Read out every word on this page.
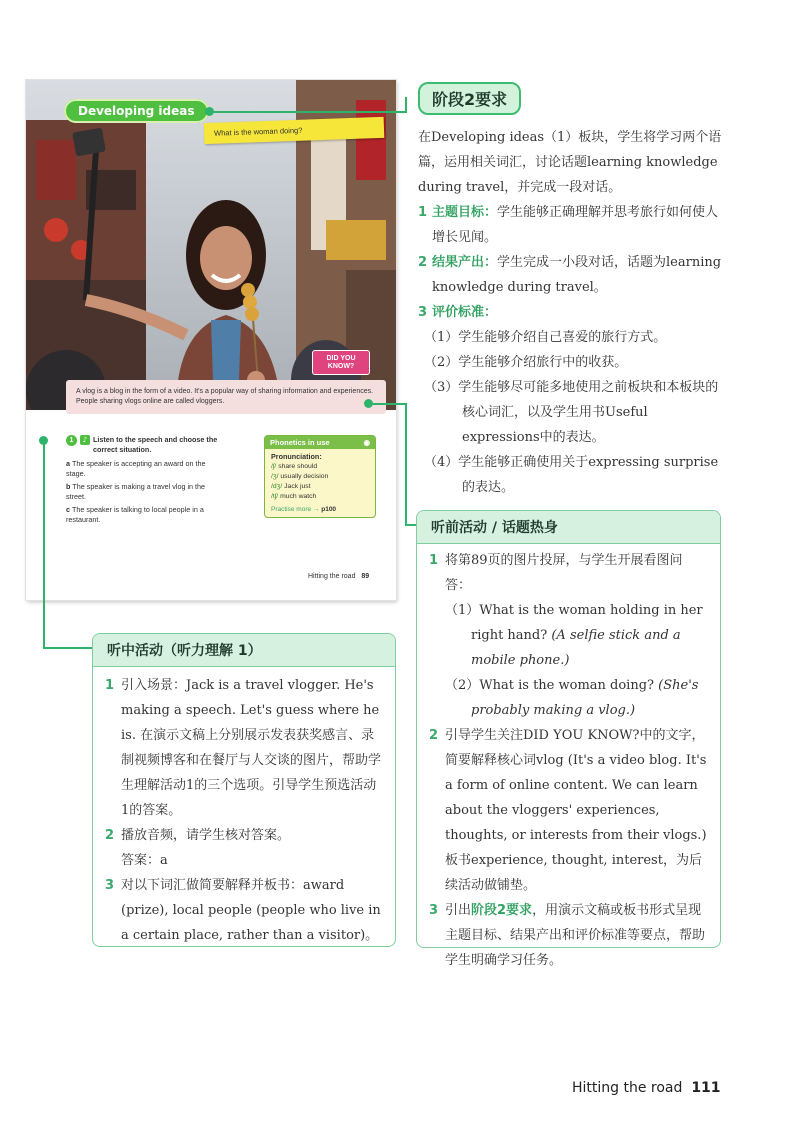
Developing ideas
What is the woman doing?
DID YOU KNOW?
A vlog is a blog in the form of a video. It's a popular way of sharing information and experiences. People sharing vlogs online are called vloggers.
1	♪ Listen to the speech and choose the correct situation.
a The speaker is accepting an award on the stage.
b The speaker is making a travel vlog in the street.
c The speaker is talking to local people in a restaurant.
Phonetics in use	◉
Pronunciation:
/ʃ/ share should
/ʒ/ usually decision
/dʒ/ Jack just
/tʃ/ much watch
Practise more → p100
Hitting the road 89
阶段2要求
在Developing ideas（1）板块，学生将学习两个语篇，运用相关词汇，讨论话题learning knowledge during travel，并完成一段对话。
1 主题目标：学生能够正确理解并思考旅行如何使人增长见闻。
2 结果产出：学生完成一小段对话，话题为learning knowledge during travel。
3 评价标准：
（1）学生能够介绍自己喜爱的旅行方式。
（2）学生能够介绍旅行中的收获。
（3）学生能够尽可能多地使用之前板块和本板块的核心词汇，以及学生用书Useful expressions中的表达。
（4）学生能够正确使用关于expressing surprise的表达。
听前活动 / 话题热身
1 将第89页的图片投屏，与学生开展看图问答：
（1）What is the woman holding in her right hand? (A selfie stick and a mobile phone.)
（2）What is the woman doing? (She's probably making a vlog.)
2 引导学生关注DID YOU KNOW?中的文字，简要解释核心词vlog (It's a video blog. It's a form of online content. We can learn about the vloggers' experiences, thoughts, or interests from their vlogs.) 板书experience, thought, interest，为后续活动做铺垫。
3 引出阶段2要求，用演示文稿或板书形式呈现主题目标、结果产出和评价标准等要点，帮助学生明确学习任务。
听中活动（听力理解 1）
1 引入场景：Jack is a travel vlogger. He's making a speech. Let's guess where he is. 在演示文稿上分别展示发表获奖感言、录制视频博客和在餐厅与人交谈的图片，帮助学生理解活动1的三个选项。引导学生预选活动1的答案。
2 播放音频，请学生核对答案。
答案：a
3 对以下词汇做简要解释并板书：award (prize), local people (people who live in a certain place, rather than a visitor)。
Hitting the road 111
